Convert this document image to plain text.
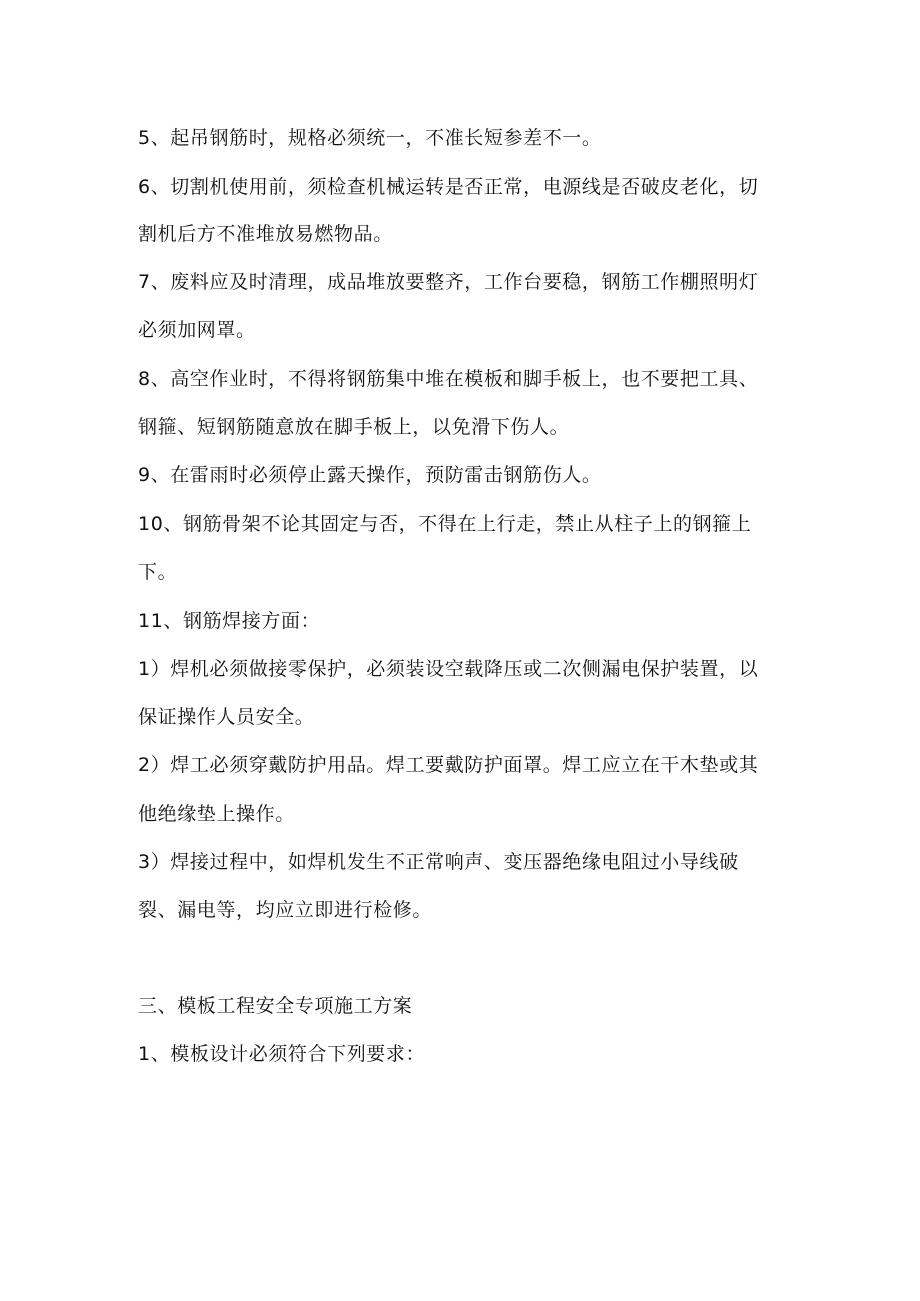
5、起吊钢筋时，规格必须统一，不准长短参差不一。
6、切割机使用前，须检查机械运转是否正常，电源线是否破皮老化，切
割机后方不准堆放易燃物品。
7、废料应及时清理，成品堆放要整齐，工作台要稳，钢筋工作棚照明灯
必须加网罩。
8、高空作业时，不得将钢筋集中堆在模板和脚手板上，也不要把工具、
钢箍、短钢筋随意放在脚手板上，以免滑下伤人。
9、在雷雨时必须停止露天操作，预防雷击钢筋伤人。
10、钢筋骨架不论其固定与否，不得在上行走，禁止从柱子上的钢箍上
下。
11、钢筋焊接方面：
1）焊机必须做接零保护，必须装设空载降压或二次侧漏电保护装置，以
保证操作人员安全。
2）焊工必须穿戴防护用品。焊工要戴防护面罩。焊工应立在干木垫或其
他绝缘垫上操作。
3）焊接过程中，如焊机发生不正常响声、变压器绝缘电阻过小导线破
裂、漏电等，均应立即进行检修。
三、模板工程安全专项施工方案
1、模板设计必须符合下列要求：
